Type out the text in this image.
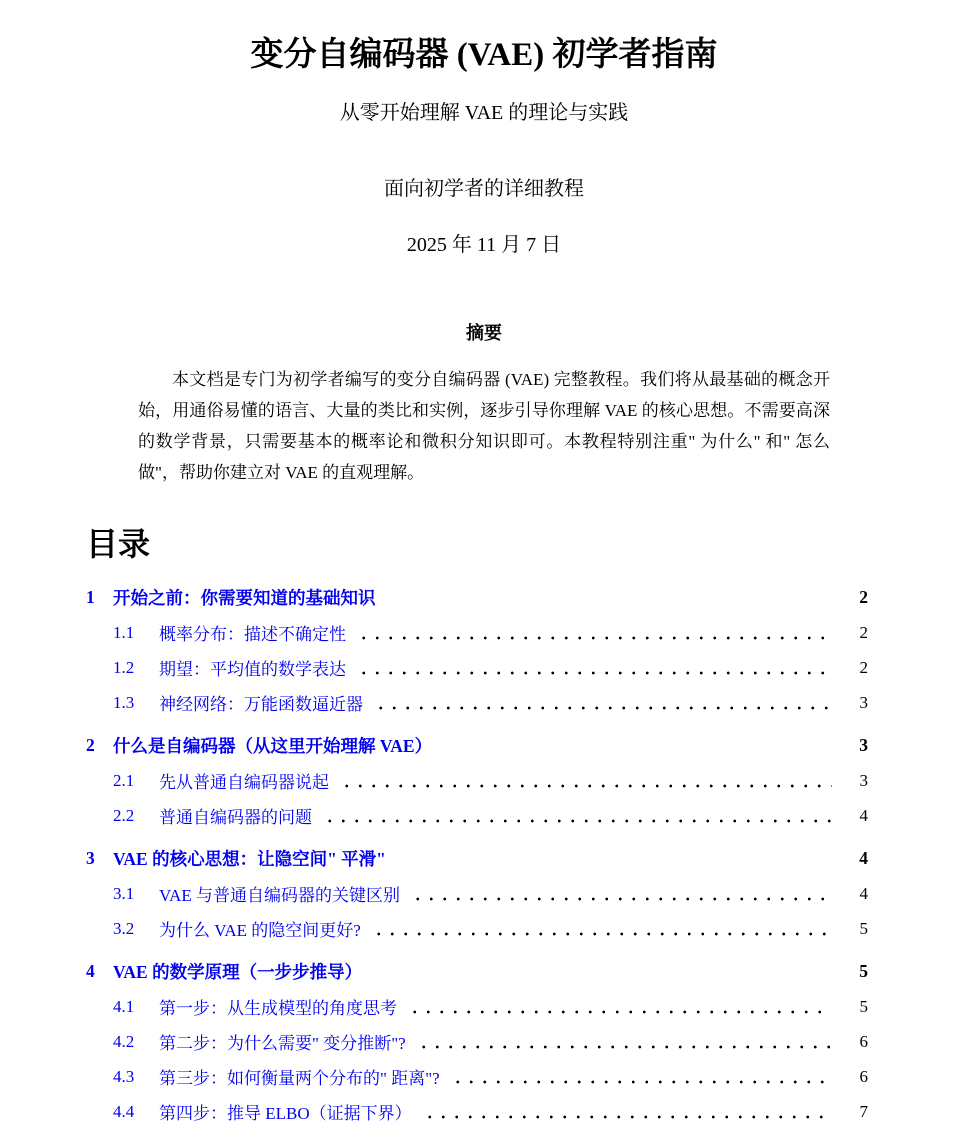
变分自编码器 (VAE) 初学者指南
从零开始理解 VAE 的理论与实践
面向初学者的详细教程
2025 年 11 月 7 日
摘要
本文档是专门为初学者编写的变分自编码器 (VAE) 完整教程。我们将从最基础的概念开始，用通俗易懂的语言、大量的类比和实例，逐步引导你理解 VAE 的核心思想。不需要高深的数学背景，只需要基本的概率论和微积分知识即可。本教程特别注重" 为什么" 和" 怎么做"，帮助你建立对 VAE 的直观理解。
目录
1	开始之前：你需要知道的基础知识	2
1.1	概率分布：描述不确定性	2
1.2	期望：平均值的数学表达	2
1.3	神经网络：万能函数逼近器	3
2	什么是自编码器（从这里开始理解 VAE）	3
2.1	先从普通自编码器说起	3
2.2	普通自编码器的问题	4
3	VAE 的核心思想：让隐空间" 平滑"	4
3.1	VAE 与普通自编码器的关键区别	4
3.2	为什么 VAE 的隐空间更好?	5
4	VAE 的数学原理（一步步推导）	5
4.1	第一步：从生成模型的角度思考	5
4.2	第二步：为什么需要" 变分推断"?	6
4.3	第三步：如何衡量两个分布的" 距离"?	6
4.4	第四步：推导 ELBO（证据下界）	7
